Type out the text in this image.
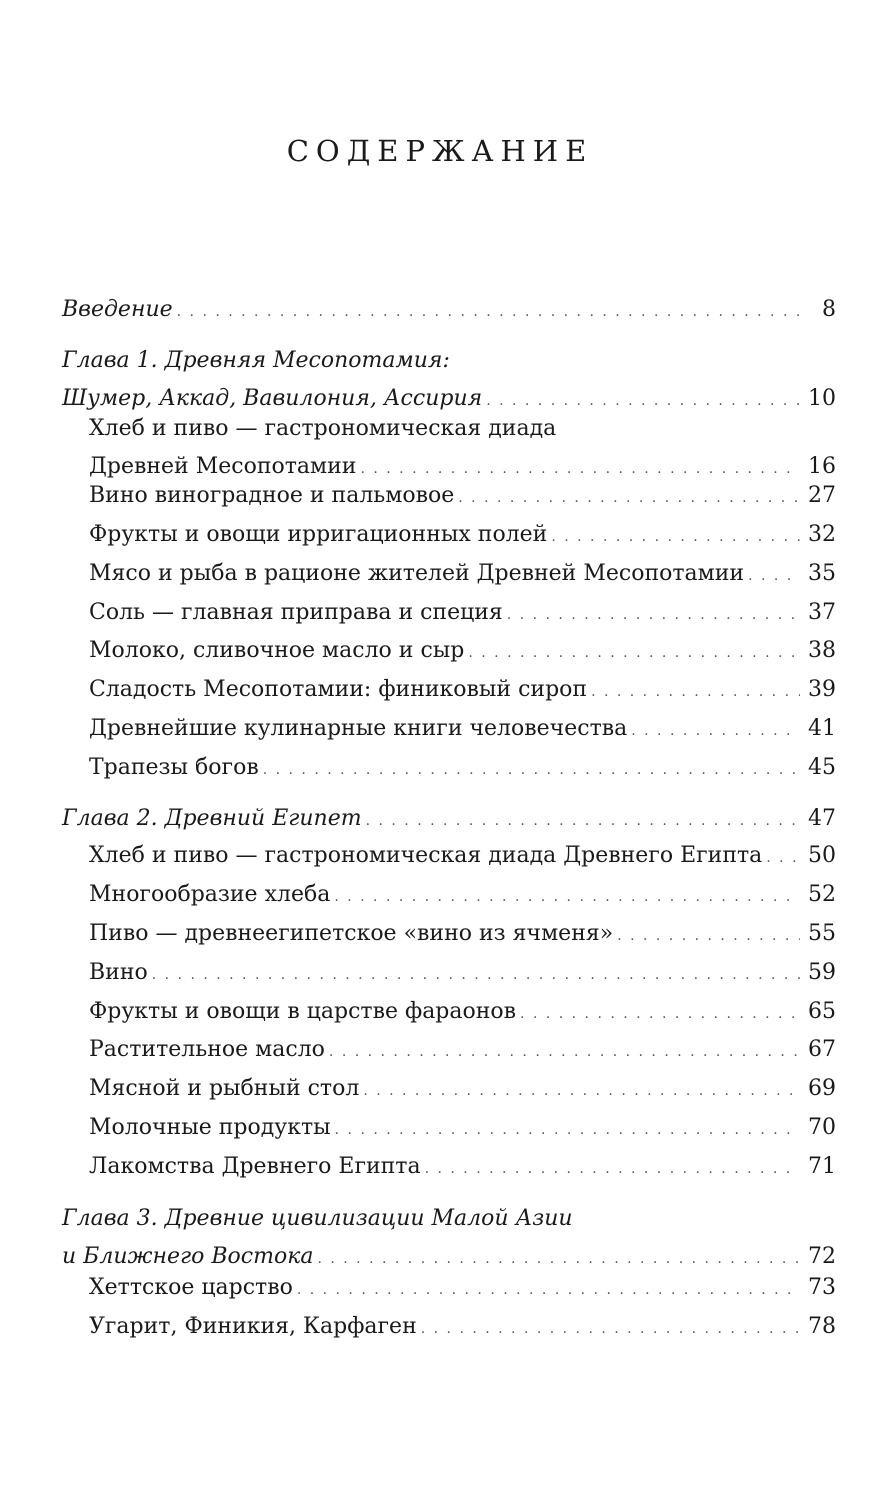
СОДЕРЖАНИЕ
Введение . . .	8
Глава 1. Древняя Месопотамия:
Шумер, Аккад, Вавилония, Ассирия . . .	10
Хлеб и пиво — гастрономическая диада
Древней Месопотамии . . .	16
Вино виноградное и пальмовое . . .	27
Фрукты и овощи ирригационных полей . . .	32
Мясо и рыба в рационе жителей Древней Месопотамии . . .	35
Соль — главная приправа и специя . . .	37
Молоко, сливочное масло и сыр . . .	38
Сладость Месопотамии: финиковый сироп . . .	39
Древнейшие кулинарные книги человечества . . .	41
Трапезы богов . . .	45
Глава 2. Древний Египет . . .	47
Хлеб и пиво — гастрономическая диада Древнего Египта . . . 50
Многообразие хлеба . . .	52
Пиво — древнеегипетское «вино из ячменя» . . .	55
Вино . . .	59
Фрукты и овощи в царстве фараонов . . .	65
Растительное масло . . .	67
Мясной и рыбный стол . . .	69
Молочные продукты . . .	70
Лакомства Древнего Египта . . .	71
Глава 3. Древние цивилизации Малой Азии
и Ближнего Востока . . .	72
Хеттское царство . . .	73
Угарит, Финикия, Карфаген . . .	78
